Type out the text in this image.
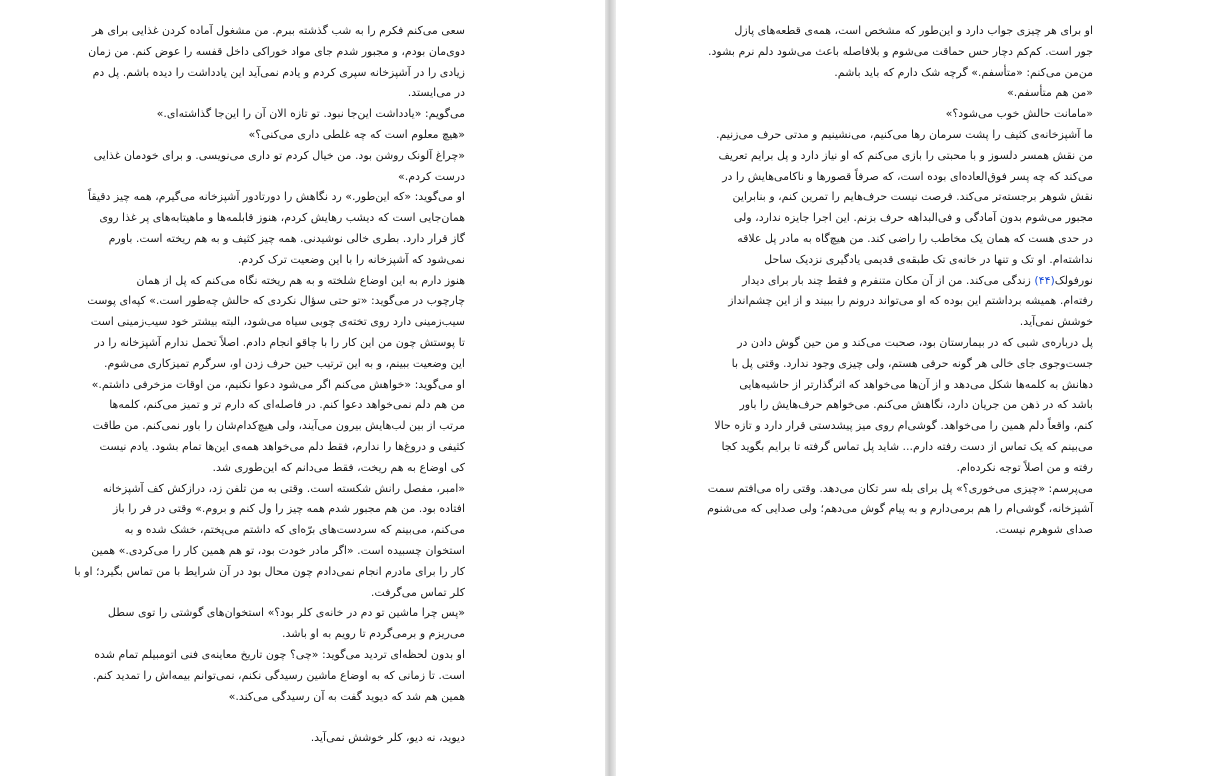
سعی می‌کنم فکرم را به شب گذشته ببرم. من مشغول آماده کردن غذایی برای هر
دوی‌مان بودم، و مجبور شدم جای مواد خوراکی داخل قفسه را عوض کنم. من زمان
زیادی را در آشپزخانه سپری کردم و یادم نمی‌آید این یادداشت را دیده باشم. پل دم
در می‌ایستد.
می‌گویم: «یادداشت این‌جا نبود. تو تازه الان آن را این‌جا گذاشته‌ای.»
«هیچ معلوم است که چه غلطی داری می‌کنی؟»
«چراغ آلونک روشن بود. من خیال کردم تو داری می‌نویسی. و برای خودمان غذایی
درست کردم.»
او می‌گوید: «که این‌طور.» رد نگاهش را دورتادور آشپزخانه می‌گیرم، همه چیز دقیقاً
همان‌جایی است که دیشب رهایش کردم، هنوز قابلمه‌ها و ماهیتابه‌های پر غذا روی
گاز قرار دارد. بطری خالی نوشیدنی. همه چیز کثیف و به هم ریخته است. باورم
نمی‌شود که آشپزخانه را با این وضعیت ترک کردم.
هنوز دارم به این اوضاع شلخته و به هم ریخته نگاه می‌کنم که پل از همان
چارچوب در می‌گوید: «تو حتی سؤال نکردی که حالش چه‌طور است.» کپه‌ای پوست
سیب‌زمینی دارد روی تخته‌ی چوبی سیاه می‌شود، البته بیشتر خود سیب‌زمینی است
تا پوستش چون من این کار را با چاقو انجام دادم. اصلاً تحمل ندارم آشپزخانه را در
این وضعیت ببینم، و به این ترتیب حین حرف زدن او، سرگرم تمیزکاری می‌شوم.
او می‌گوید: «خواهش می‌کنم اگر می‌شود دعوا نکنیم، من اوقات مزخرفی داشتم.»
من هم دلم نمی‌خواهد دعوا کنم. در فاصله‌ای که دارم تر و تمیز می‌کنم، کلمه‌ها
مرتب از بین لب‌هایش بیرون می‌آیند، ولی هیچ‌کدام‌شان را باور نمی‌کنم. من طاقت
کثیفی و دروغ‌ها را ندارم، فقط دلم می‌خواهد همه‌ی این‌ها تمام بشود. یادم نیست
کی اوضاع به هم ریخت، فقط می‌دانم که این‌طوری شد.
«امبر، مفصل رانش شکسته است. وقتی به من تلفن زد، درازکش کف آشپزخانه
افتاده بود. من هم مجبور شدم همه چیز را ول کنم و بروم.» وقتی در فر را باز
می‌کنم، می‌بینم که سردست‌های برّه‌ای که داشتم می‌پختم، خشک شده و به
استخوان چسبیده است. «اگر مادر خودت بود، تو هم همین کار را می‌کردی.» همین
کار را برای مادرم انجام نمی‌دادم چون محال بود در آن شرایط با من تماس بگیرد؛ او با
کلر تماس می‌گرفت.
«پس چرا ماشین تو دم در خانه‌ی کلر بود؟» استخوان‌های گوشتی را توی سطل
می‌ریزم و برمی‌گردم تا رویم به او باشد.
او بدون لحظه‌ای تردید می‌گوید: «چی؟ چون تاریخ معاینه‌ی فنی اتومبیلم تمام شده
است. تا زمانی که به اوضاع ماشین رسیدگی نکنم، نمی‌توانم بیمه‌اش را تمدید کنم.
همین هم شد که دیوید گفت به آن رسیدگی می‌کند.»
دیوید، نه دیو، کلر خوشش نمی‌آید.
او برای هر چیزی جواب دارد و این‌طور که مشخص است، همه‌ی قطعه‌های پازل
جور است. کم‌کم دچار حس حماقت می‌شوم و بلافاصله باعث می‌شود دلم نرم بشود.
من‌من می‌کنم: «متأسفم.» گرچه شک دارم که باید باشم.
«من هم متأسفم.»
«مامانت حالش خوب می‌شود؟»
ما آشپزخانه‌ی کثیف را پشت سرمان رها می‌کنیم، می‌نشینیم و مدتی حرف می‌زنیم.
من نقش همسر دلسوز و با محبتی را بازی می‌کنم که او نیاز دارد و پل برایم تعریف
می‌کند که چه پسر فوق‌العاده‌ای بوده است، که صرفاً قصورها و ناکامی‌هایش را در
نقش شوهر برجسته‌تر می‌کند. فرصت نیست حرف‌هایم را تمرین کنم، و بنابراین
مجبور می‌شوم بدون آمادگی و فی‌البداهه حرف بزنم. این اجرا جایزه ندارد، ولی
در حدی هست که همان یک مخاطب را راضی کند. من هیچ‌گاه به مادر پل علاقه
نداشته‌ام. او تک و تنها در خانه‌ی تک طبقه‌ی قدیمی یادگیری نزدیک ساحل
نورفولک(۴۴) زندگی می‌کند. من از آن مکان متنفرم و فقط چند بار برای دیدار
رفته‌ام. همیشه برداشتم این بوده که او می‌تواند درونم را ببیند و از این چشم‌انداز
خوشش نمی‌آید.
پل درباره‌ی شبی که در بیمارستان بود، صحبت می‌کند و من حین گوش دادن در
جست‌وجوی جای خالی هر گونه حرفی هستم، ولی چیزی وجود ندارد. وقتی پل با
دهانش به کلمه‌ها شکل می‌دهد و از آن‌ها می‌خواهد که اثرگذارتر از حاشیه‌هایی
باشد که در ذهن من جریان دارد، نگاهش می‌کنم. می‌خواهم حرف‌هایش را باور
کنم، واقعاً دلم همین را می‌خواهد. گوشی‌ام روی میز پیشدستی قرار دارد و تازه حالا
می‌بینم که یک تماس از دست رفته دارم... شاید پل تماس گرفته تا برایم بگوید کجا
رفته و من اصلاً توجه نکرده‌ام.
می‌پرسم: «چیزی می‌خوری؟» پل برای بله سر تکان می‌دهد. وقتی راه می‌افتم سمت
آشپزخانه، گوشی‌ام را هم برمی‌دارم و به پیام گوش می‌دهم؛ ولی صدایی که می‌شنوم
صدای شوهرم نیست.
